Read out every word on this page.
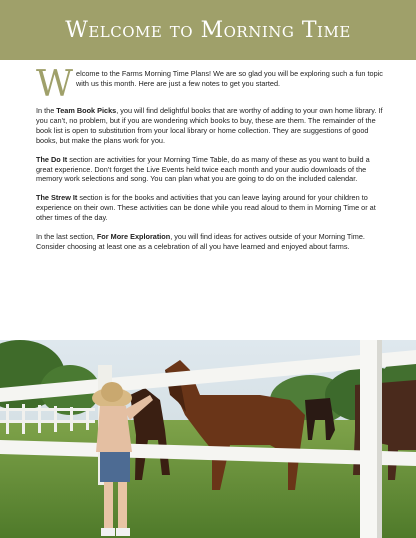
Welcome to Morning Time

Welcome to the Farms Morning Time Plans! We are so glad you will be exploring such a fun topic with us this month. Here are just a few notes to get you started.

In the Team Book Picks, you will find delightful books that are worthy of adding to your own home library. If you can’t, no problem, but if you are wondering which books to buy, these are them. The remainder of the book list is open to substitution from your local library or home collection. They are suggestions of good books, but make the plans work for you.

The Do It section are activities for your Morning Time Table, do as many of these as you want to build a great experience. Don’t forget the Live Events held twice each month and your audio downloads of the memory work selections and song. You can plan what you are going to do on the included calendar.

The Strew It section is for the books and activities that you can leave laying around for your children to experience on their own. These activities can be done while you read aloud to them in Morning Time or at other times of the day.

In the last section, For More Exploration, you will find ideas for actives outside of your Morning Time. Consider choosing at least one as a celebration of all you have learned and enjoyed about farms.
